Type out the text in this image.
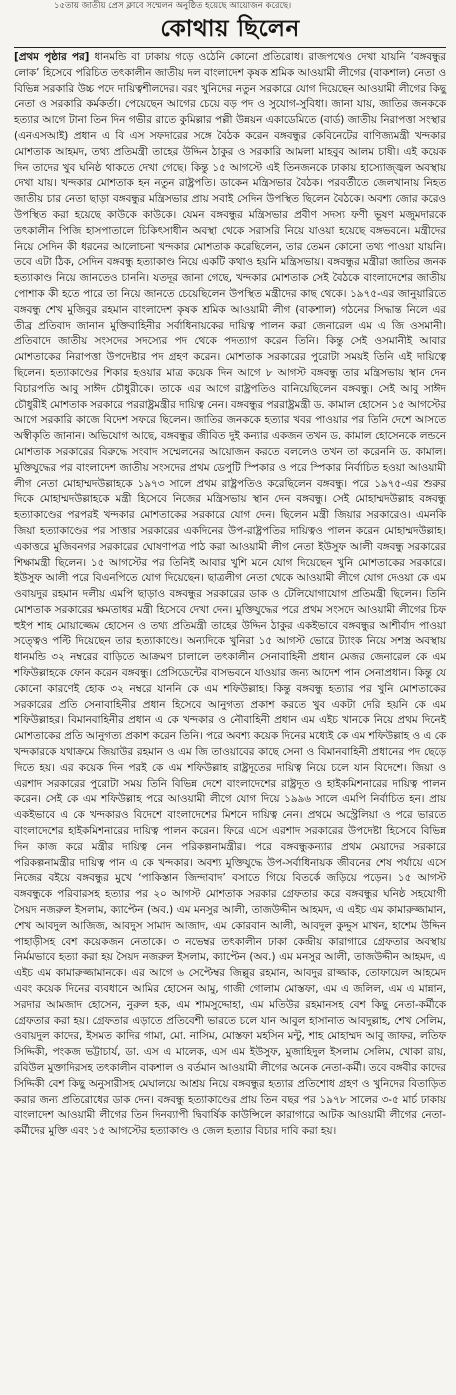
১৫তায় জাতীয় প্রেস ক্লাবে সম্মেলন অনুষ্ঠিত হয়েছে আয়োজন করেছে।
কোথায় ছিলেন

[প্রথম পৃষ্ঠার পর] ধানমন্ডি বা ঢাকায় গড়ে ওঠেনি কোনো প্রতিরোধ। রাজপথেও দেখা যায়নি ‘বঙ্গবন্ধুর লোক’ হিসেবে পরিচিত তৎকালীন জাতীয় দল বাংলাদেশ কৃষক শ্রমিক আওয়ামী লীগের (বাকশাল) নেতা ও বিভিন্ন সরকারি উচ্চ পদে দায়িত্বশীলদের। বরং খুনিদের নতুন সরকারে যোগ দিয়েছেন আওয়ামী লীগের কিছু নেতা ও সরকারি কর্মকর্তা। পেয়েছেন আগের চেয়ে বড় পদ ও সুযোগ-সুবিধা। জানা যায়, জাতির জনককে হত্যার আগে টানা তিন দিন গভীর রাতে কুমিল্লার পল্লী উন্নয়ন একাডেমিতে (বার্ড) জাতীয় নিরাপত্তা সংস্থার (এনএসআই) প্রধান এ বি এস সফদারের সঙ্গে বৈঠক করেন বঙ্গবন্ধুর কেবিনেটের বাণিজ্যমন্ত্রী খন্দকার মোশতাক আহমদ, তথ্য প্রতিমন্ত্রী তাহের উদ্দিন ঠাকুর ও সরকারি আমলা মাহবুব আলম চাষী। এই কয়েক দিন তাদের খুব ঘনিষ্ঠ থাকতে দেখা গেছে। কিন্তু ১৫ আগস্টে এই তিনজনকে ঢাকায় হাস্যোজ্জ্বল অবস্থায় দেখা যায়। খন্দকার মোশতাক হন নতুন রাষ্ট্রপতি। ডাকেন মন্ত্রিসভার বৈঠক। পরবর্তীতে জেলখানায় নিহত জাতীয় চার নেতা ছাড়া বঙ্গবন্ধুর মন্ত্রিসভার প্রায় সবাই সেদিন উপস্থিত ছিলেন বৈঠকে। অবশ্য জোর করেও উপস্থিত করা হয়েছে কাউকে কাউকে। যেমন বঙ্গবন্ধুর মন্ত্রিসভার প্রবীণ সদস্য ফণী ভূষণ মজুমদারকে তৎকালীন পিজি হাসপাতালে চিকিৎসাধীন অবস্থা থেকে সরাসরি নিয়ে যাওয়া হয়েছে বঙ্গভবনে। মন্ত্রীদের নিয়ে সেদিন কী ধরনের আলোচনা খন্দকার মোশতাক করেছিলেন, তার তেমন কোনো তথ্য পাওয়া যায়নি। তবে এটা ঠিক, সেদিন বঙ্গবন্ধু হত্যাকাণ্ড নিয়ে একটি কথাও হয়নি মন্ত্রিসভায়। বঙ্গবন্ধুর মন্ত্রীরা জাতির জনক হত্যাকাণ্ড নিয়ে জানতেও চাননি। যতদূর জানা গেছে, খন্দকার মোশতাক সেই বৈঠকে বাংলাদেশের জাতীয় পোশাক কী হতে পারে তা নিয়ে জানতে চেয়েছিলেন উপস্থিত মন্ত্রীদের কাছ থেকে। ১৯৭৫-এর জানুয়ারিতে বঙ্গবন্ধু শেখ মুজিবুর রহমান বাংলাদেশ কৃষক শ্রমিক আওয়ামী লীগ (বাকশাল) গঠনের সিদ্ধান্ত নিলে এর তীব্র প্রতিবাদ জানান মুক্তিবাহিনীর সর্বাধিনায়কের দায়িত্ব পালন করা জেনারেল এম এ জি ওসমানী। প্রতিবাদে জাতীয় সংসদের সদস্যের পদ থেকে পদত্যাগ করেন তিনি। কিন্তু সেই ওসমানীই আবার মোশতাকের নিরাপত্তা উপদেষ্টার পদ গ্রহণ করেন। মোশতাক সরকারের পুরোটা সময়ই তিনি এই দায়িত্বে ছিলেন। হত্যাকাণ্ডের শিকার হওয়ার মাত্র কয়েক দিন আগে ৮ আগস্ট বঙ্গবন্ধু তার মন্ত্রিসভায় স্থান দেন বিচারপতি আবু সাঈদ চৌধুরীকে। তাকে এর আগে রাষ্ট্রপতিও বানিয়েছিলেন বঙ্গবন্ধু। সেই আবু সাঈদ চৌধুরীই মোশতাক সরকারে পররাষ্ট্রমন্ত্রীর দায়িত্ব নেন। বঙ্গবন্ধুর পররাষ্ট্রমন্ত্রী ড. কামাল হোসেন ১৫ আগস্টের আগে সরকারি কাজে বিদেশ সফরে ছিলেন। জাতির জনককে হত্যার খবর পাওয়ার পর তিনি দেশে আসতে অস্বীকৃতি জানান। অভিযোগ আছে, বঙ্গবন্ধুর জীবিত দুই কন্যার একজন তখন ড. কামাল হোসেনকে লন্ডনে মোশতাক সরকারের বিরুদ্ধে সংবাদ সম্মেলনের আয়োজন করতে বললেও তখন তা করেননি ড. কামাল। মুক্তিযুদ্ধের পর বাংলাদেশ জাতীয় সংসদের প্রথম ডেপুটি স্পিকার ও পরে স্পিকার নির্বাচিত হওয়া আওয়ামী লীগ নেতা মোহাম্মদউল্লাহকে ১৯৭৩ সালে প্রথম রাষ্ট্রপতিও করেছিলেন বঙ্গবন্ধু। পরে ১৯৭৫-এর শুরুর দিকে মোহাম্মদউল্লাহকে মন্ত্রী হিসেবে নিজের মন্ত্রিসভায় স্থান দেন বঙ্গবন্ধু। সেই মোহাম্মদউল্লাহ বঙ্গবন্ধু হত্যাকাণ্ডের পরপরই খন্দকার মোশতাকের সরকারে যোগ দেন। ছিলেন মন্ত্রী জিয়ার সরকারেও। এমনকি জিয়া হত্যাকাণ্ডের পর সাত্তার সরকারের একদিনের উপ-রাষ্ট্রপতির দায়িত্বও পালন করেন মোহাম্মদউল্লাহ। একাত্তরে মুজিবনগর সরকারের ঘোষণাপত্র পাঠ করা আওয়ামী লীগ নেতা ইউসুফ আলী বঙ্গবন্ধু সরকারের শিক্ষামন্ত্রী ছিলেন। ১৫ আগস্টের পর তিনিই আবার খুশি মনে যোগ দিয়েছেন খুনি মোশতাকের সরকারে। ইউসুফ আলী পরে বিএনপিতে যোগ দিয়েছেন। ছাত্রলীগ নেতা থেকে আওয়ামী লীগে যোগ দেওয়া কে এম ওবায়দুর রহমান দলীয় এমপি ছাড়াও বঙ্গবন্ধুর সরকারের ডাক ও টেলিযোগাযোগ প্রতিমন্ত্রী ছিলেন। তিনি মোশতাক সরকারের ক্ষমতাধর মন্ত্রী হিসেবে দেখা দেন। মুক্তিযুদ্ধের পরে প্রথম সংসদে আওয়ামী লীগের চিফ হুইপ শাহ মোয়াজ্জেম হোসেন ও তথ্য প্রতিমন্ত্রী তাহের উদ্দিন ঠাকুর একইভাবে বঙ্গবন্ধুর আশীর্বাদ পাওয়া সত্ত্বেও পল্টি দিয়েছেন তার হত্যাকাণ্ডে। অন্যদিকে খুনিরা ১৫ আগস্ট ভোরে ট্যাংক নিয়ে সশস্ত্র অবস্থায় ধানমন্ডি ৩২ নম্বরের বাড়িতে আক্রমণ চালালে তৎকালীন সেনাবাহিনী প্রধান মেজর জেনারেল কে এম শফিউল্লাহকে ফোন করেন বঙ্গবন্ধু। প্রেসিডেন্টের বাসভবনে যাওয়ার জন্য আদেশ পান সেনাপ্রধান। কিন্তু যে কোনো কারণেই হোক ৩২ নম্বরে যাননি কে এম শফিউল্লাহ। কিন্তু বঙ্গবন্ধু হত্যার পর খুনি মোশতাকের সরকারের প্রতি সেনাবাহিনীর প্রধান হিসেবে আনুগত্য প্রকাশ করতে খুব একটা দেরি হয়নি কে এম শফিউল্লাহর। বিমানবাহিনীর প্রধান এ কে খন্দকার ও নৌবাহিনী প্রধান এম এইচ খানকে নিয়ে প্রথম দিনেই মোশতাকের প্রতি আনুগত্য প্রকাশ করেন তিনি। পরে অবশ্য কয়েক দিনের মধ্যেই কে এম শফিউল্লাহ ও এ কে খন্দকারকে যথাক্রমে জিয়াউর রহমান ও এম জি তাওয়াবের কাছে সেনা ও বিমানবাহিনী প্রধানের পদ ছেড়ে দিতে হয়। এর কয়েক দিন পরই কে এম শফিউল্লাহ রাষ্ট্রদূতের দায়িত্ব নিয়ে চলে যান বিদেশে। জিয়া ও এরশাদ সরকারের পুরোটা সময় তিনি বিভিন্ন দেশে বাংলাদেশের রাষ্ট্রদূত ও হাইকমিশনারের দায়িত্ব পালন করেন। সেই কে এম শফিউল্লাহ পরে আওয়ামী লীগে যোগ দিয়ে ১৯৯৬ সালে এমপি নির্বাচিত হন। প্রায় একইভাবে এ কে খন্দকারও বিদেশে বাংলাদেশের মিশনে দায়িত্ব নেন। প্রথমে অস্ট্রেলিয়া ও পরে ভারতে বাংলাদেশের হাইকমিশনারের দায়িত্ব পালন করেন। ফিরে এসে এরশাদ সরকারের উপদেষ্টা হিসেবে বিভিন্ন দিন কাজ করে মন্ত্রীর দায়িত্ব নেন পরিকল্পনামন্ত্রীর। পরে বঙ্গবন্ধুকন্যার প্রথম মেয়াদের সরকারে পরিকল্পনামন্ত্রীর দায়িত্ব পান এ কে খন্দকার। অবশ্য মুক্তিযুদ্ধে উপ-সর্বাধিনায়ক জীবনের শেষ পর্যায়ে এসে নিজের বইয়ে বঙ্গবন্ধুর মুখে ‘পাকিস্তান জিন্দাবাদ’ বসাতে গিয়ে বিতর্কে জড়িয়ে পড়েন। ১৫ আগস্ট বঙ্গবন্ধুকে পরিবারসহ হত্যার পর ২০ আগস্ট মোশতাক সরকার গ্রেফতার করে বঙ্গবন্ধুর ঘনিষ্ঠ সহযোগী সৈয়দ নজরুল ইসলাম, ক্যাপ্টেন (অব.) এম মনসুর আলী, তাজউদ্দীন আহমদ, এ এইচ এম কামারুজ্জামান, শেখ আবদুল আজিজ, আবদুস সামাদ আজাদ, এম কোরবান আলী, আবদুল কুদ্দুস মাখন, হাশেম উদ্দিন পাহাড়ীসহ বেশ কয়েকজন নেতাকে। ৩ নভেম্বর তৎকালীন ঢাকা কেন্দ্রীয় কারাগারে গ্রেফতার অবস্থায় নির্মমভাবে হত্যা করা হয় সৈয়দ নজরুল ইসলাম, ক্যাপ্টেন (অব.) এম মনসুর আলী, তাজউদ্দীন আহমদ, এ এইচ এম কামারুজ্জামানকে। এর আগে ৬ সেপ্টেম্বর জিল্লুর রহমান, আবদুর রাজ্জাক, তোফায়েল আহমেদ এবং কয়েক দিনের ব্যবধানে আমির হোসেন আমু, গাজী গোলাম মোস্তফা, এম এ জলিল, এম এ মান্নান, সরদার আমজাদ হোসেন, নুরুল হক, এম শামসুদ্দোহা, এম মতিউর রহমানসহ বেশ কিছু নেতা-কর্মীকে গ্রেফতার করা হয়। গ্রেফতার এড়াতে প্রতিবেশী ভারতে চলে যান আবুল হাসানাত আবদুল্লাহ, শেখ সেলিম, ওবায়দুল কাদের, ইসমত কাদির গামা, মো. নাসিম, মোস্তফা মহসিন মন্টু, শাহ মোহাম্মদ আবু জাফর, লতিফ সিদ্দিকী, পংকজ ভট্টাচার্য, ডা. এস এ মালেক, এস এম ইউসুফ, মুজাহিদুল ইসলাম সেলিম, খোকা রায়, রবিউল মুক্তাদিরসহ তৎকালীন বাকশাল ও বর্তমান আওয়ামী লীগের অনেক নেতা-কর্মী। তবে বঙ্গবীর কাদের সিদ্দিকী বেশ কিছু অনুসারীসহ মেঘালয়ে আশ্রয় নিয়ে বঙ্গবন্ধুর হত্যার প্রতিশোধ গ্রহণ ও খুনিদের বিতাড়িত করার জন্য প্রতিরোধের ডাক দেন। বঙ্গবন্ধু হত্যাকাণ্ডের প্রায় তিন বছর পর ১৯৭৮ সালের ৩-৫ মার্চ ঢাকায় বাংলাদেশ আওয়ামী লীগের তিন দিনব্যাপী দ্বিবার্ষিক কাউন্সিলে কারাগারে আটক আওয়ামী লীগের নেতা-কর্মীদের মুক্তি এবং ১৫ আগস্টের হত্যাকাণ্ড ও জেল হত্যার বিচার দাবি করা হয়।
